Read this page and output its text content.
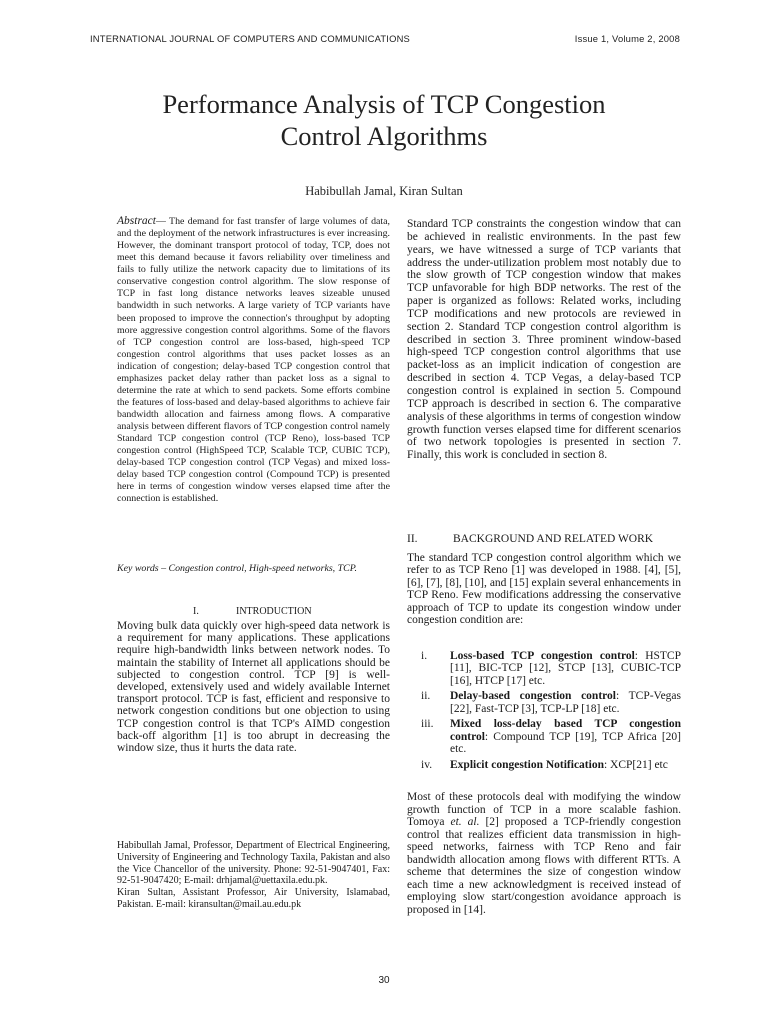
INTERNATIONAL JOURNAL OF COMPUTERS AND COMMUNICATIONS	Issue 1, Volume 2, 2008
Performance Analysis of TCP Congestion
Control Algorithms
Habibullah Jamal, Kiran Sultan

Abstract— The demand for fast transfer of large volumes of data, and the deployment of the network infrastructures is ever increasing. However, the dominant transport protocol of today, TCP, does not meet this demand because it favors reliability over timeliness and fails to fully utilize the network capacity due to limitations of its conservative congestion control algorithm. The slow response of TCP in fast long distance networks leaves sizeable unused bandwidth in such networks. A large variety of TCP variants have been proposed to improve the connection's throughput by adopting more aggressive congestion control algorithms. Some of the flavors of TCP congestion control are loss-based, high-speed TCP congestion control algorithms that uses packet losses as an indication of congestion; delay-based TCP congestion control that emphasizes packet delay rather than packet loss as a signal to determine the rate at which to send packets. Some efforts combine the features of loss-based and delay-based algorithms to achieve fair bandwidth allocation and fairness among flows. A comparative analysis between different flavors of TCP congestion control namely Standard TCP congestion control (TCP Reno), loss-based TCP congestion control (HighSpeed TCP, Scalable TCP, CUBIC TCP), delay-based TCP congestion control (TCP Vegas) and mixed loss-delay based TCP congestion control (Compound TCP) is presented here in terms of congestion window verses elapsed time after the connection is established.

Key words – Congestion control, High-speed networks, TCP.
I.	INTRODUCTION
Moving bulk data quickly over high-speed data network is a requirement for many applications. These applications require high-bandwidth links between network nodes. To maintain the stability of Internet all applications should be subjected to congestion control. TCP [9] is well-developed, extensively used and widely available Internet transport protocol. TCP is fast, efficient and responsive to network congestion conditions but one objection to using TCP congestion control is that TCP's AIMD congestion back-off algorithm [1] is too abrupt in decreasing the window size, thus it hurts the data rate.

Habibullah Jamal, Professor, Department of Electrical Engineering, University of Engineering and Technology Taxila, Pakistan and also the Vice Chancellor of the university. Phone: 92-51-9047401, Fax: 92-51-9047420; E-mail: drhjamal@uettaxila.edu.pk.

Kiran Sultan, Assistant Professor, Air University, Islamabad, Pakistan. E-mail: kiransultan@mail.au.edu.pk

Standard TCP constraints the congestion window that can be achieved in realistic environments. In the past few years, we have witnessed a surge of TCP variants that address the under-utilization problem most notably due to the slow growth of TCP congestion window that makes TCP unfavorable for high BDP networks. The rest of the paper is organized as follows: Related works, including TCP modifications and new protocols are reviewed in section 2. Standard TCP congestion control algorithm is described in section 3. Three prominent window-based high-speed TCP congestion control algorithms that use packet-loss as an implicit indication of congestion are described in section 4. TCP Vegas, a delay-based TCP congestion control is explained in section 5. Compound TCP approach is described in section 6. The comparative analysis of these algorithms in terms of congestion window growth function verses elapsed time for different scenarios of two network topologies is presented in section 7. Finally, this work is concluded in section 8.
II.	BACKGROUND AND RELATED WORK
The standard TCP congestion control algorithm which we refer to as TCP Reno [1] was developed in 1988. [4], [5], [6], [7], [8], [10], and [15] explain several enhancements in TCP Reno. Few modifications addressing the conservative approach of TCP to update its congestion window under congestion condition are:
i. Loss-based TCP congestion control: HSTCP [11], BIC-TCP [12], STCP [13], CUBIC-TCP [16], HTCP [17] etc.
ii. Delay-based congestion control: TCP-Vegas [22], Fast-TCP [3], TCP-LP [18] etc.
iii. Mixed loss-delay based TCP congestion control: Compound TCP [19], TCP Africa [20] etc.
iv. Explicit congestion Notification: XCP[21] etc
Most of these protocols deal with modifying the window growth function of TCP in a more scalable fashion. Tomoya et. al. [2] proposed a TCP-friendly congestion control that realizes efficient data transmission in high-speed networks, fairness with TCP Reno and fair bandwidth allocation among flows with different RTTs. A scheme that determines the size of congestion window each time a new acknowledgment is received instead of employing slow start/congestion avoidance approach is proposed in [14].
30
